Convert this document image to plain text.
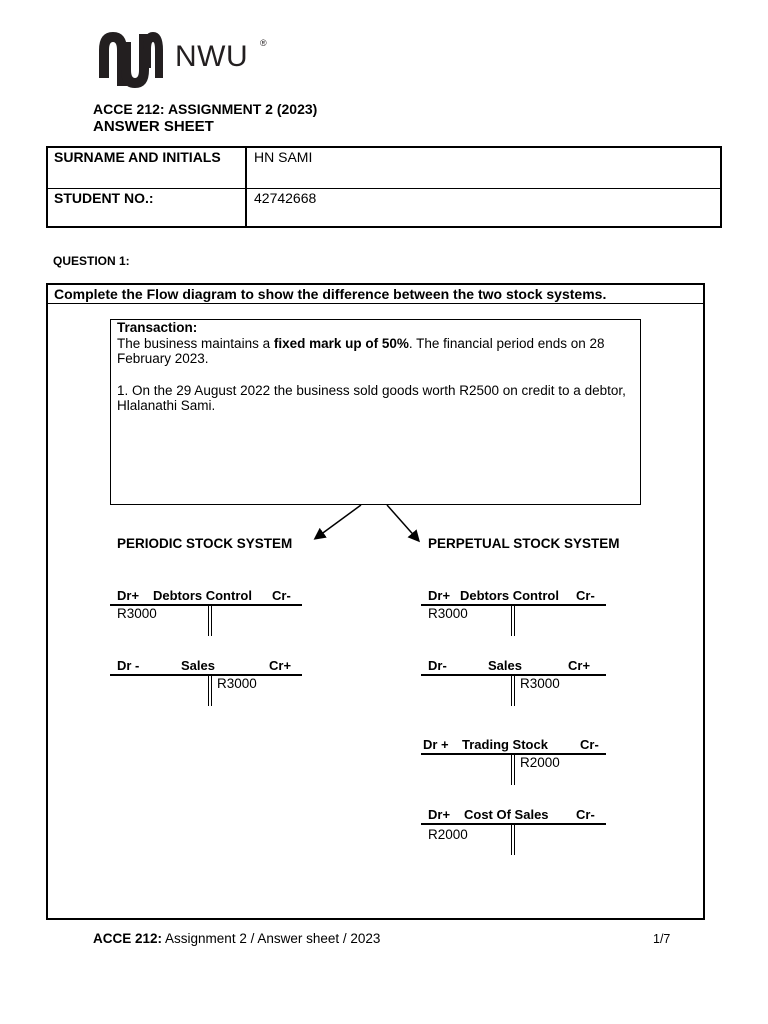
NWU ®
ACCE 212: ASSIGNMENT 2 (2023)
ANSWER SHEET
SURNAME AND INITIALS HN SAMI
STUDENT NO.:	42742668
QUESTION 1:
Complete the Flow diagram to show the difference between the two stock systems.

Transaction:

The business maintains a fixed mark up of 50%. The financial period ends on 28 February 2023.

1. On the 29 August 2022 the business sold goods worth R2500 on credit to a debtor, Hlalanathi Sami.

PERIODIC STOCK SYSTEM	PERPETUAL STOCK SYSTEM
Dr+ Debtors Control Cr-
R3000
Dr -	Sales	Cr+
R3000
Dr+ Debtors Control Cr-
R3000
Dr-	Sales	Cr+
R3000
Dr + Trading Stock Cr-
R2000
Dr+ Cost Of Sales Cr-
R2000
ACCE 212: Assignment 2 / Answer sheet / 2023	1/7
